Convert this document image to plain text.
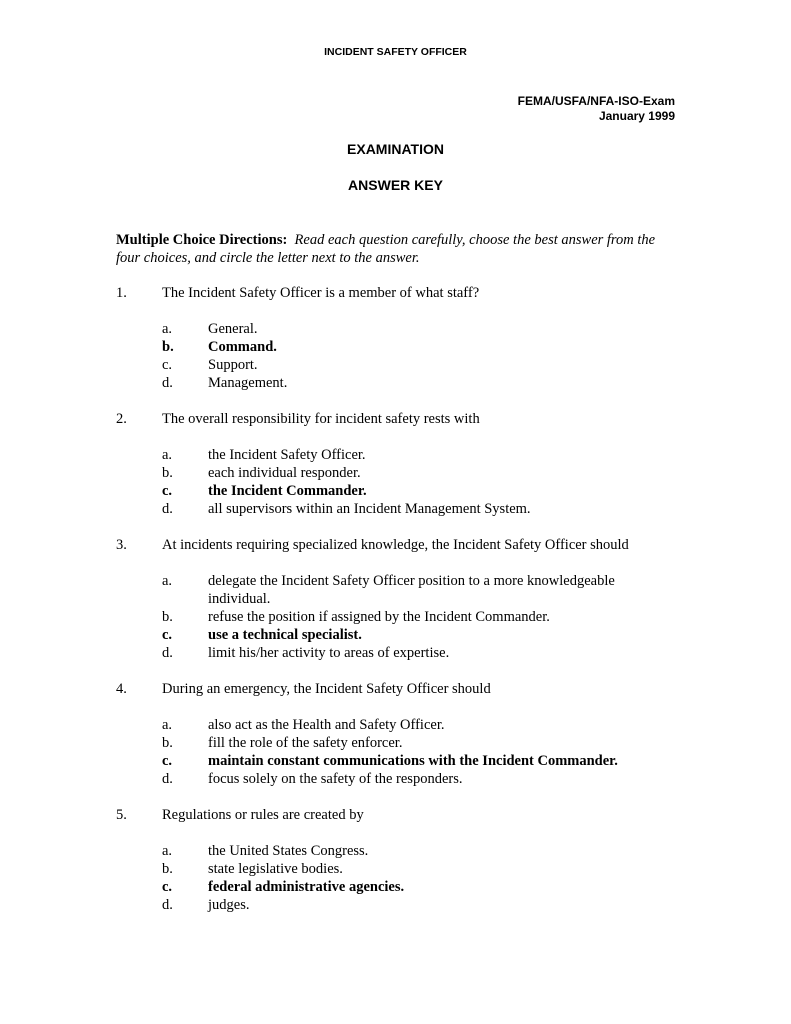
INCIDENT SAFETY OFFICER
FEMA/USFA/NFA-ISO-Exam
January 1999
EXAMINATION
ANSWER KEY
Multiple Choice Directions: Read each question carefully, choose the best answer from the four choices, and circle the letter next to the answer.
1.	The Incident Safety Officer is a member of what staff?
a.	General.
b.	Command.
c.	Support.
d.	Management.
2.	The overall responsibility for incident safety rests with
a.	the Incident Safety Officer.
b.	each individual responder.
c.	the Incident Commander.
d.	all supervisors within an Incident Management System.
3.	At incidents requiring specialized knowledge, the Incident Safety Officer should
a.	delegate the Incident Safety Officer position to a more knowledgeable individual.
b.	refuse the position if assigned by the Incident Commander.
c.	use a technical specialist.
d.	limit his/her activity to areas of expertise.
4.	During an emergency, the Incident Safety Officer should
a.	also act as the Health and Safety Officer.
b.	fill the role of the safety enforcer.
c.	maintain constant communications with the Incident Commander.
d.	focus solely on the safety of the responders.
5.	Regulations or rules are created by
a.	the United States Congress.
b.	state legislative bodies.
c.	federal administrative agencies.
d.	judges.
